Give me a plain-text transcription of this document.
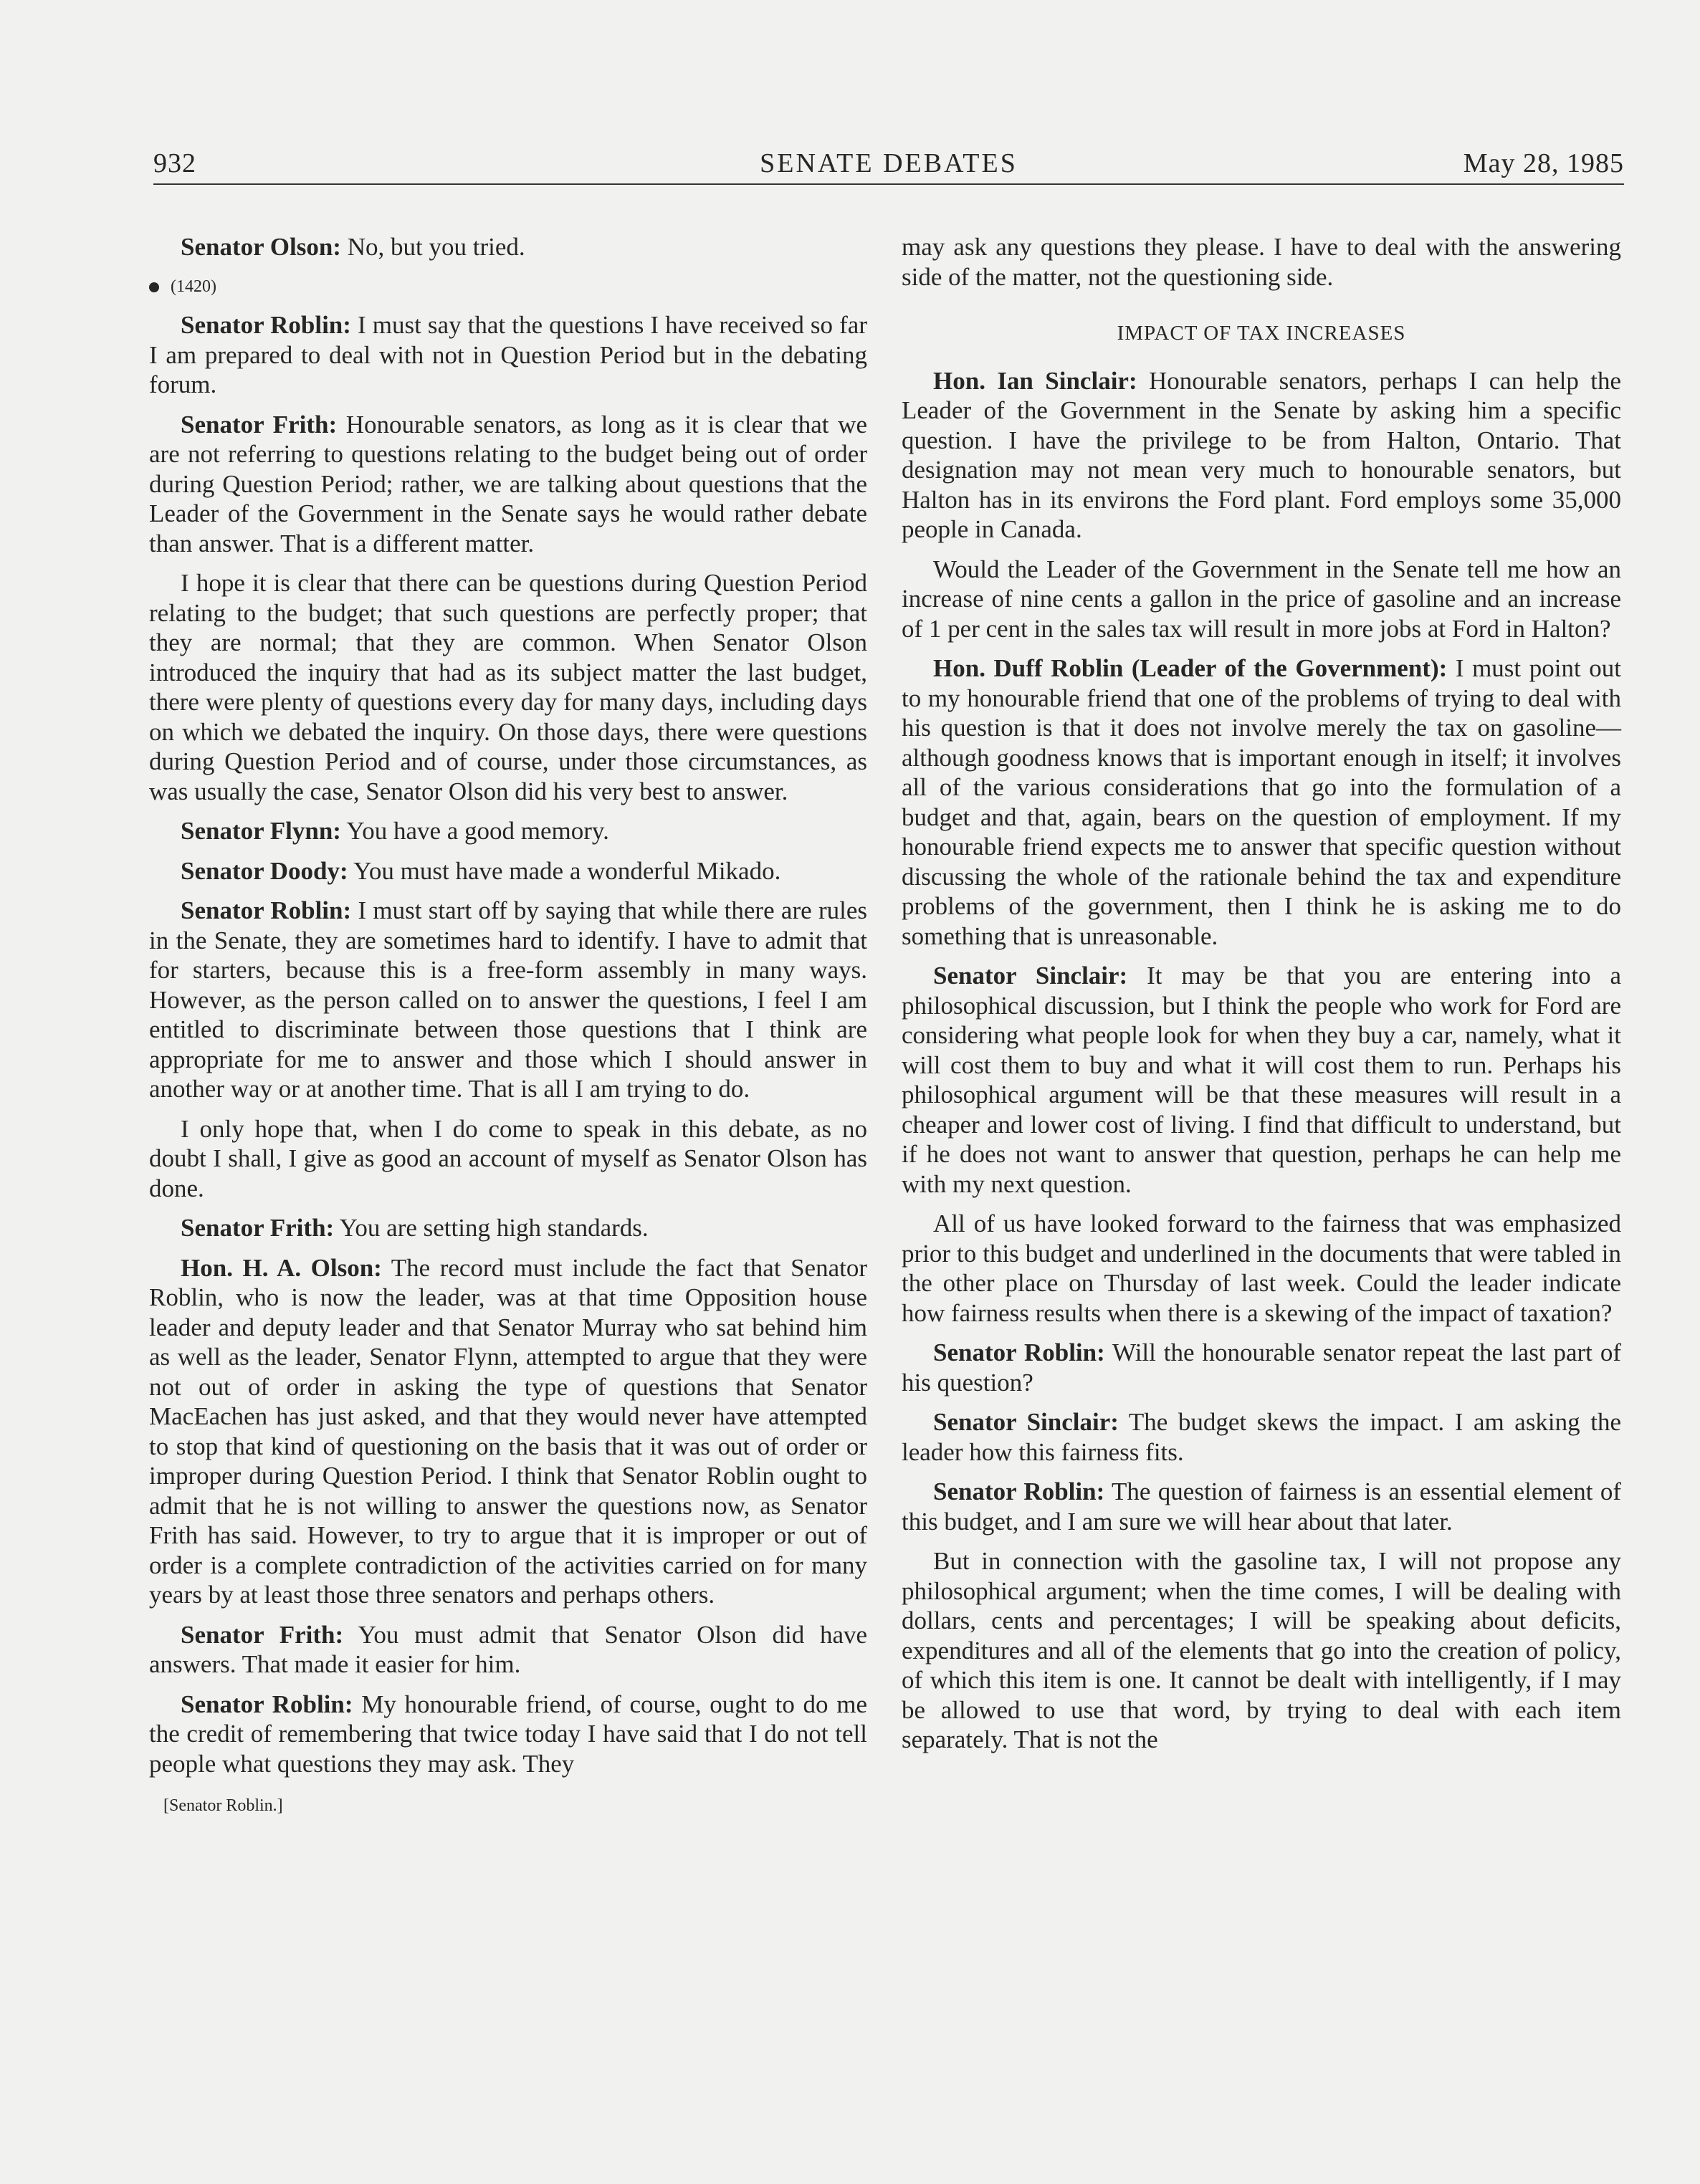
932	SENATE DEBATES	May 28, 1985

Senator Olson: No, but you tried.

(1420)

Senator Roblin: I must say that the questions I have received so far I am prepared to deal with not in Question Period but in the debating forum.

Senator Frith: Honourable senators, as long as it is clear that we are not referring to questions relating to the budget being out of order during Question Period; rather, we are talking about questions that the Leader of the Government in the Senate says he would rather debate than answer. That is a different matter.

I hope it is clear that there can be questions during Question Period relating to the budget; that such questions are perfectly proper; that they are normal; that they are common. When Senator Olson introduced the inquiry that had as its subject matter the last budget, there were plenty of questions every day for many days, including days on which we debated the inquiry. On those days, there were questions during Question Period and of course, under those circumstances, as was usually the case, Senator Olson did his very best to answer.

Senator Flynn: You have a good memory.

Senator Doody: You must have made a wonderful Mikado.

Senator Roblin: I must start off by saying that while there are rules in the Senate, they are sometimes hard to identify. I have to admit that for starters, because this is a free-form assembly in many ways. However, as the person called on to answer the questions, I feel I am entitled to discriminate between those questions that I think are appropriate for me to answer and those which I should answer in another way or at another time. That is all I am trying to do.

I only hope that, when I do come to speak in this debate, as no doubt I shall, I give as good an account of myself as Senator Olson has done.

Senator Frith: You are setting high standards.

Hon. H. A. Olson: The record must include the fact that Senator Roblin, who is now the leader, was at that time Opposition house leader and deputy leader and that Senator Murray who sat behind him as well as the leader, Senator Flynn, attempted to argue that they were not out of order in asking the type of questions that Senator MacEachen has just asked, and that they would never have attempted to stop that kind of questioning on the basis that it was out of order or improper during Question Period. I think that Senator Roblin ought to admit that he is not willing to answer the questions now, as Senator Frith has said. However, to try to argue that it is improper or out of order is a complete contradiction of the activities carried on for many years by at least those three senators and perhaps others.

Senator Frith: You must admit that Senator Olson did have answers. That made it easier for him.

Senator Roblin: My honourable friend, of course, ought to do me the credit of remembering that twice today I have said that I do not tell people what questions they may ask. They

[Senator Roblin.]

may ask any questions they please. I have to deal with the answering side of the matter, not the questioning side.

IMPACT OF TAX INCREASES

Hon. Ian Sinclair: Honourable senators, perhaps I can help the Leader of the Government in the Senate by asking him a specific question. I have the privilege to be from Halton, Ontario. That designation may not mean very much to honourable senators, but Halton has in its environs the Ford plant. Ford employs some 35,000 people in Canada.

Would the Leader of the Government in the Senate tell me how an increase of nine cents a gallon in the price of gasoline and an increase of 1 per cent in the sales tax will result in more jobs at Ford in Halton?

Hon. Duff Roblin (Leader of the Government): I must point out to my honourable friend that one of the problems of trying to deal with his question is that it does not involve merely the tax on gasoline—although goodness knows that is important enough in itself; it involves all of the various considerations that go into the formulation of a budget and that, again, bears on the question of employment. If my honourable friend expects me to answer that specific question without discussing the whole of the rationale behind the tax and expenditure problems of the government, then I think he is asking me to do something that is unreasonable.

Senator Sinclair: It may be that you are entering into a philosophical discussion, but I think the people who work for Ford are considering what people look for when they buy a car, namely, what it will cost them to buy and what it will cost them to run. Perhaps his philosophical argument will be that these measures will result in a cheaper and lower cost of living. I find that difficult to understand, but if he does not want to answer that question, perhaps he can help me with my next question.

All of us have looked forward to the fairness that was emphasized prior to this budget and underlined in the documents that were tabled in the other place on Thursday of last week. Could the leader indicate how fairness results when there is a skewing of the impact of taxation?

Senator Roblin: Will the honourable senator repeat the last part of his question?

Senator Sinclair: The budget skews the impact. I am asking the leader how this fairness fits.

Senator Roblin: The question of fairness is an essential element of this budget, and I am sure we will hear about that later.

But in connection with the gasoline tax, I will not propose any philosophical argument; when the time comes, I will be dealing with dollars, cents and percentages; I will be speaking about deficits, expenditures and all of the elements that go into the creation of policy, of which this item is one. It cannot be dealt with intelligently, if I may be allowed to use that word, by trying to deal with each item separately. That is not the
